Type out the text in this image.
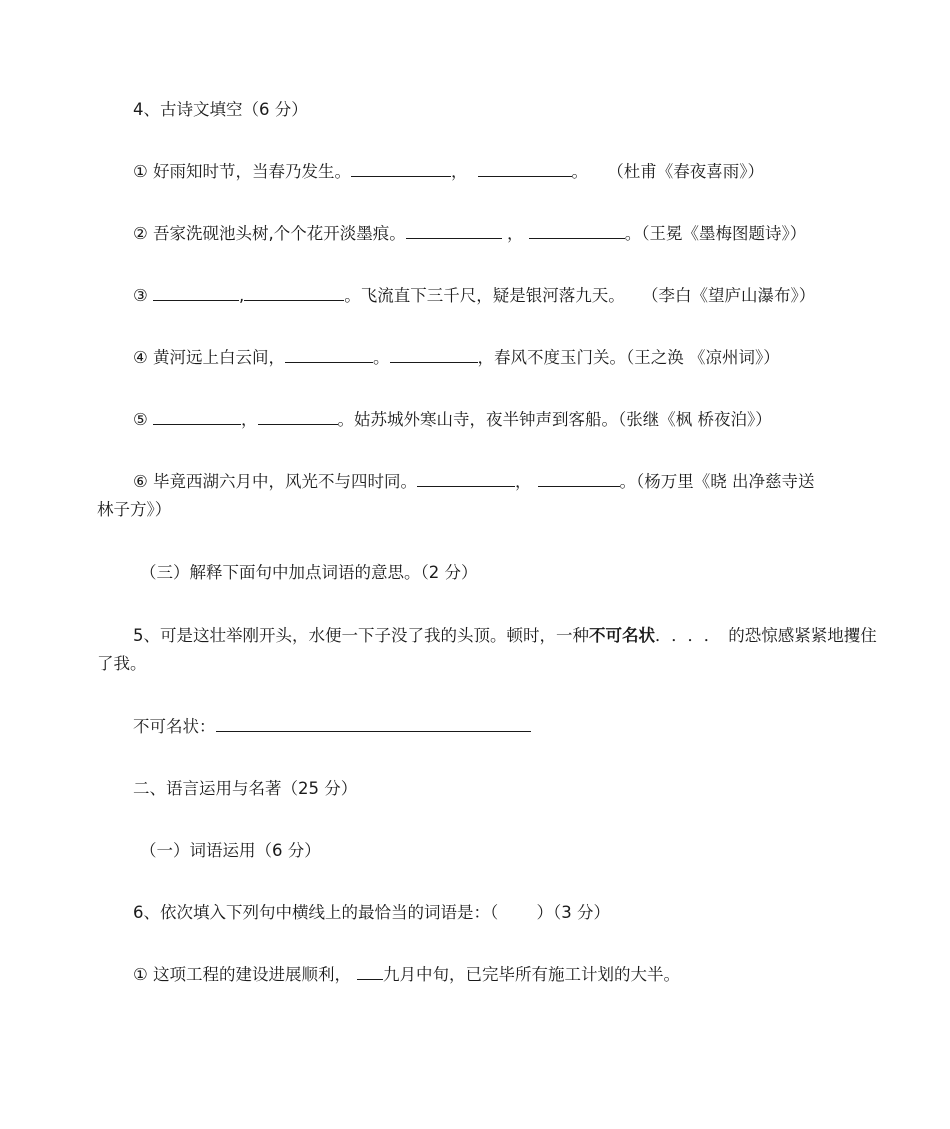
4、古诗文填空（6 分）
① 好雨知时节，当春乃发生。	，	。 （杜甫《春夜喜雨》）
② 吾家洗砚池头树,个个花开淡墨痕。	，	。（王冕《墨梅图题诗》）
③	,	。飞流直下三千尺，疑是银河落九天。 （李白《望庐山瀑布》）
④ 黄河远上白云间，	。	，春风不度玉门关。（王之涣 《凉州词》）
⑤	，	。姑苏城外寒山寺，夜半钟声到客船。（张继《枫 桥夜泊》）
⑥ 毕竟西湖六月中，风光不与四时同。	，	。（杨万里《晓 出净慈寺送
林子方》）
（三）解释下面句中加点词语的意思。（2 分）
5、可是这壮举刚开头，水便一下子没了我的头顶。顿时，一种不可名状．．．．的恐惊感紧紧地攫住了我。
不可名状：
二、语言运用与名著（25 分）
（一）词语运用（6 分）
6、依次填入下列句中横线上的最恰当的词语是：（　　 ）（3 分）
① 这项工程的建设进展顺利， 九月中旬，已完毕所有施工计划的大半。
